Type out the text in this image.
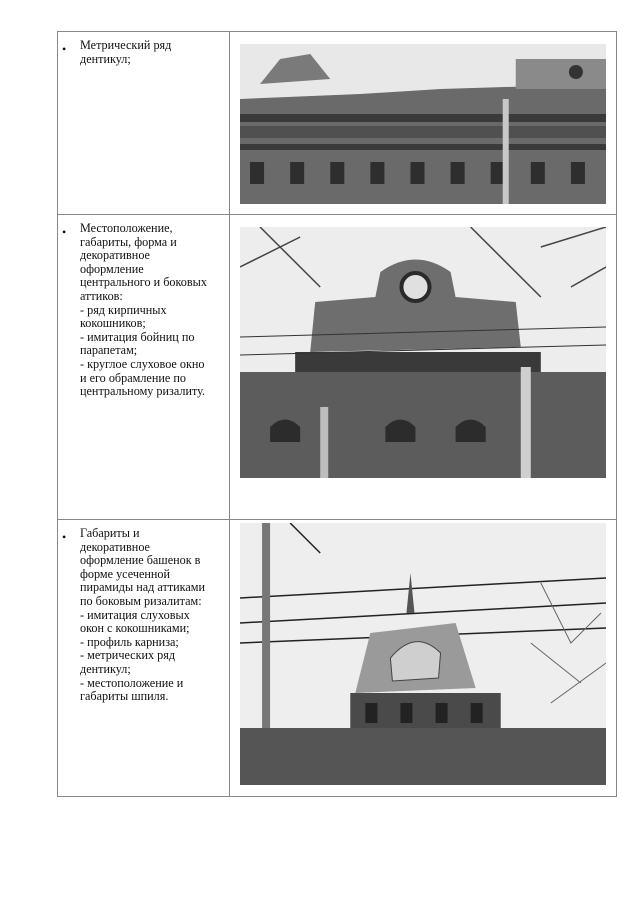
• Метрический ряд
дентикул;
• Местоположение,
габариты, форма и
декоративное
оформление
центрального и боковых
аттиков:
- ряд кирпичных
кокошников;
- имитация бойниц по
парапетам;
- круглое слуховое окно
и его обрамление по
центральному ризалиту.
• Габариты и
декоративное
оформление башенок в
форме усеченной
пирамиды над аттиками
по боковым ризалитам:
- имитация слуховых
окон с кокошниками;
- профиль карниза;
- метрических ряд
дентикул;
- местоположение и
габариты шпиля.
